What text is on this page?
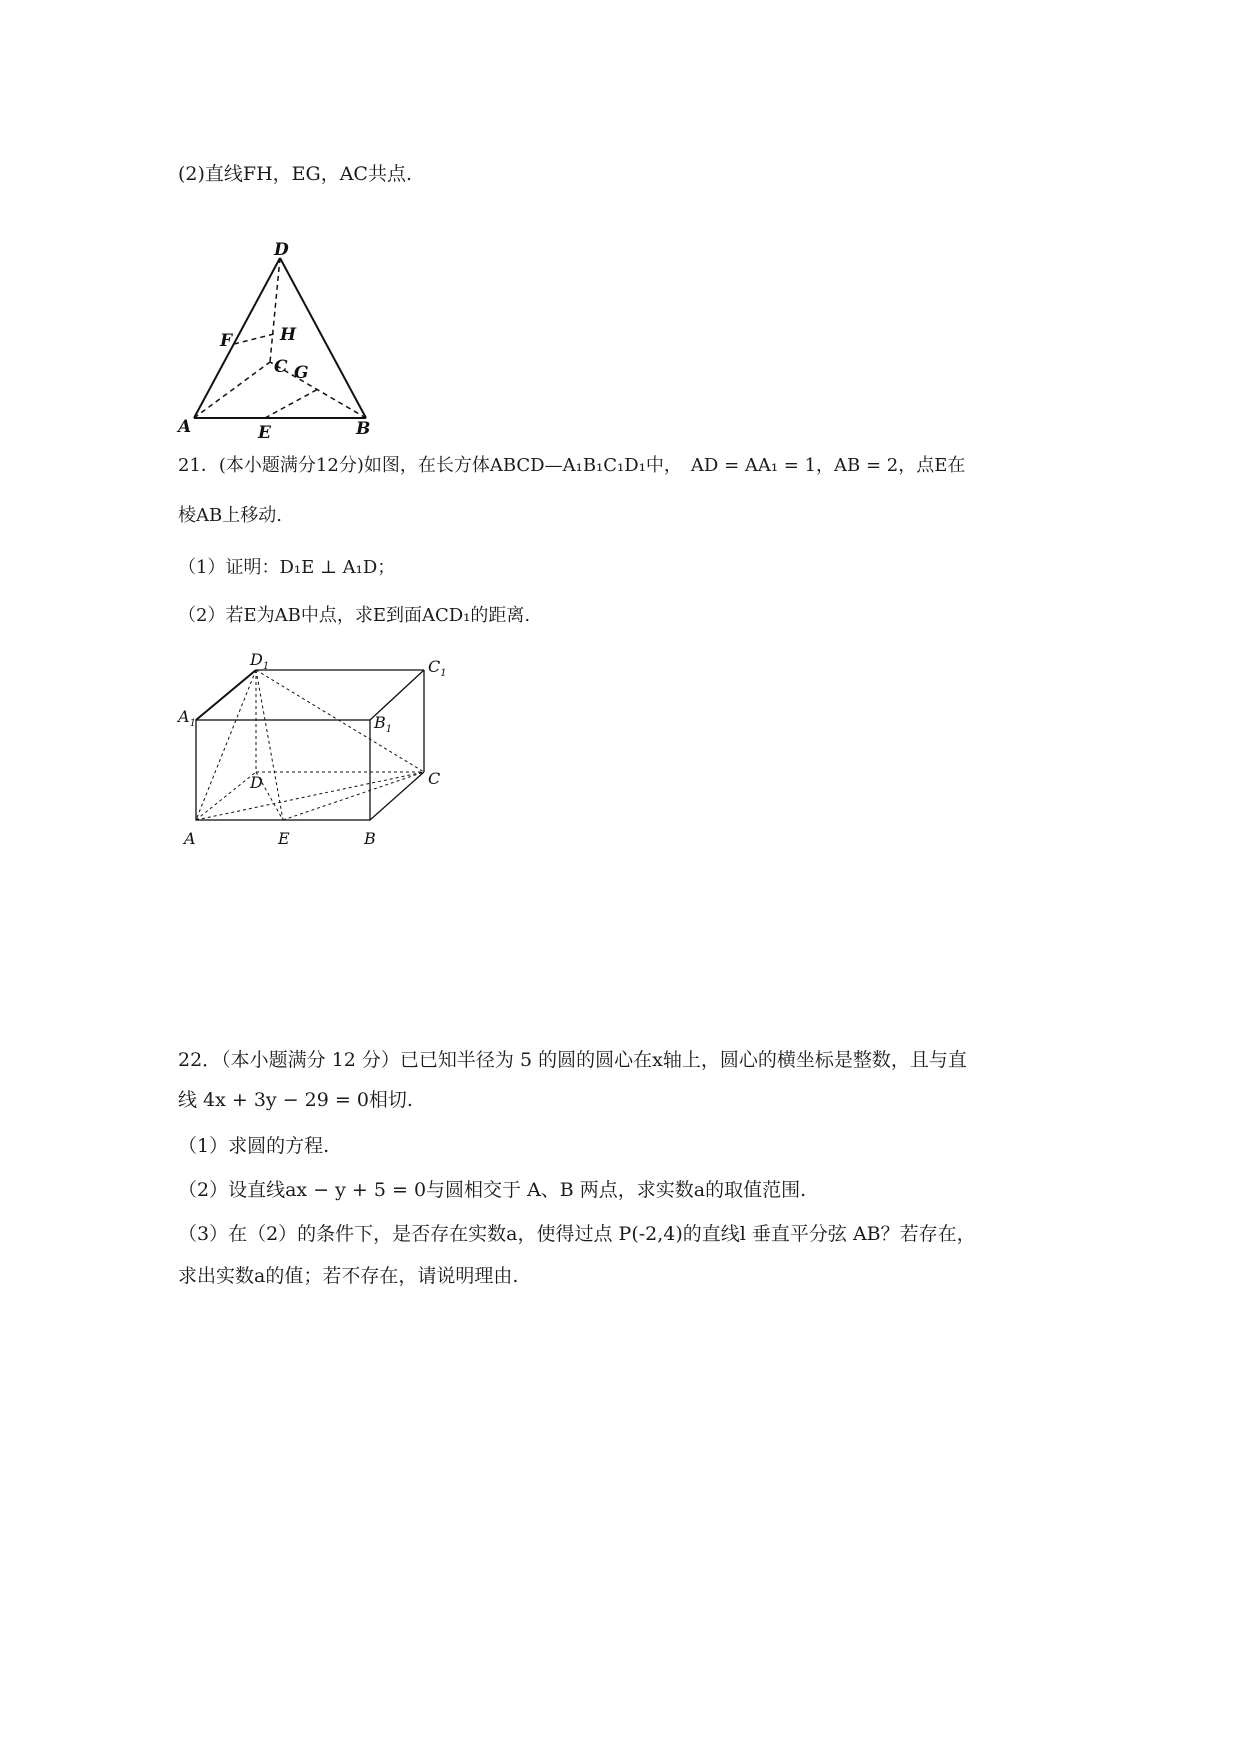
(2)直线FH，EG，AC共点.
D
F	H
C G
A	E	B
21．(本小题满分12分)如图，在长方体ABCD—A₁B₁C₁D₁中，　AD = AA₁ = 1，AB = 2，点E在
棱AB上移动.
（1）证明：D₁E ⊥ A₁D；
（2）若E为AB中点，求E到面ACD₁的距离.
$D_1$	$C_1$
$A_1$	$B_1$
D	C
A	E	B
22．（本小题满分 12 分）已已知半径为 5 的圆的圆心在x轴上，圆心的横坐标是整数，且与直
线 4x + 3y − 29 = 0相切.
（1）求圆的方程.
（2）设直线ax − y + 5 = 0与圆相交于 A、B 两点，求实数a的取值范围.
（3）在（2）的条件下，是否存在实数a，使得过点 P(-2,4)的直线l 垂直平分弦 AB？若存在，
求出实数a的值；若不存在，请说明理由.
